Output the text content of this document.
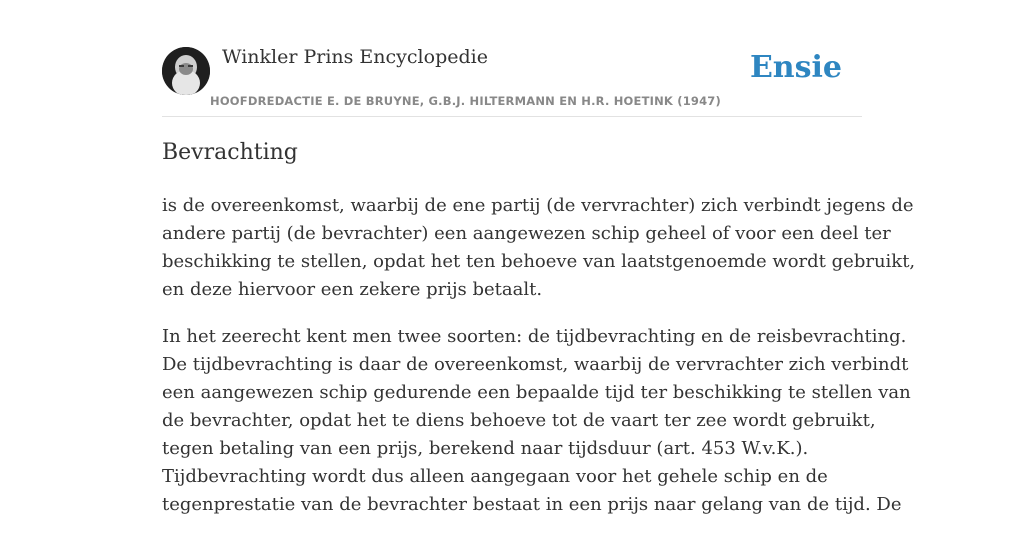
Winkler Prins Encyclopedie
HOOFDREDACTIE E. DE BRUYNE, G.B.J. HILTERMANN EN H.R. HOETINK (1947)
Ensie
Bevrachting

is de overeenkomst, waarbij de ene partij (de vervrachter) zich verbindt jegens de
andere partij (de bevrachter) een aangewezen schip geheel of voor een deel ter
beschikking te stellen, opdat het ten behoeve van laatstgenoemde wordt gebruikt,
en deze hiervoor een zekere prijs betaalt.

In het zeerecht kent men twee soorten: de tijdbevrachting en de reisbevrachting.
De tijdbevrachting is daar de overeenkomst, waarbij de vervrachter zich verbindt
een aangewezen schip gedurende een bepaalde tijd ter beschikking te stellen van
de bevrachter, opdat het te diens behoeve tot de vaart ter zee wordt gebruikt,
tegen betaling van een prijs, berekend naar tijdsduur (art. 453 W.v.K.).
Tijdbevrachting wordt dus alleen aangegaan voor het gehele schip en de
tegenprestatie van de bevrachter bestaat in een prijs naar gelang van de tijd. De
